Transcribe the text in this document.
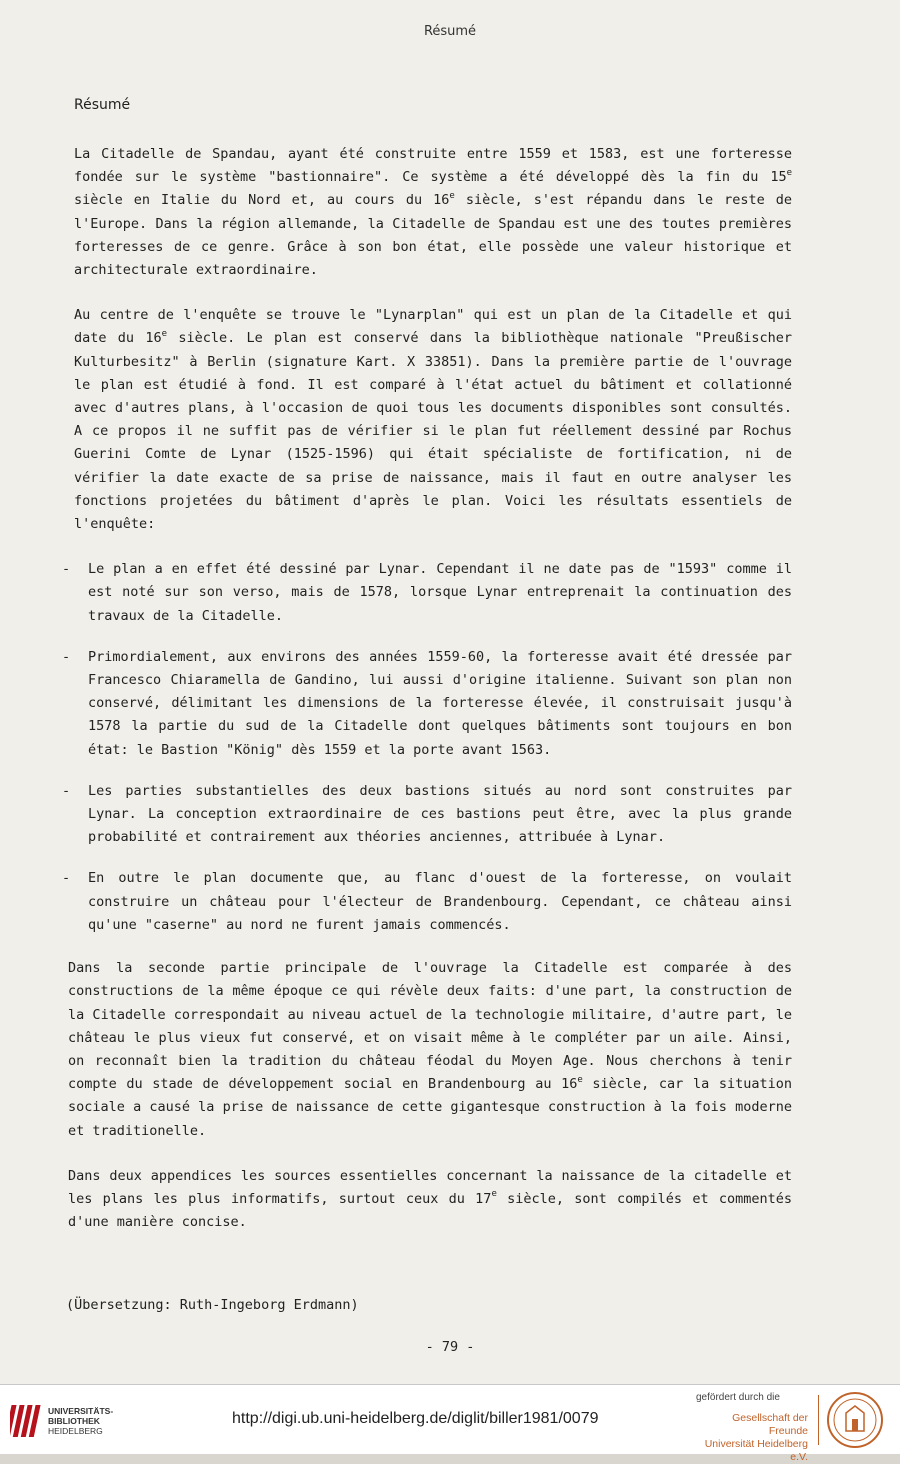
Résumé
Résumé

La Citadelle de Spandau, ayant été construite entre 1559 et 1583, est une forteresse fondée sur le système "bastionnaire". Ce système a été développé dès la fin du 15e siècle en Italie du Nord et, au cours du 16e siècle, s'est répandu dans le reste de l'Europe. Dans la région allemande, la Citadelle de Spandau est une des toutes premières forteresses de ce genre. Grâce à son bon état, elle possède une valeur historique et architecturale extraordinaire.

Au centre de l'enquête se trouve le "Lynarplan" qui est un plan de la Citadelle et qui date du 16e siècle. Le plan est conservé dans la bibliothèque nationale "Preußischer Kulturbesitz" à Berlin (signature Kart. X 33851). Dans la première partie de l'ouvrage le plan est étudié à fond. Il est comparé à l'état actuel du bâtiment et collationné avec d'autres plans, à l'occasion de quoi tous les documents disponibles sont consultés. A ce propos il ne suffit pas de vérifier si le plan fut réellement dessiné par Rochus Guerini Comte de Lynar (1525-1596) qui était spécialiste de fortification, ni de vérifier la date exacte de sa prise de naissance, mais il faut en outre analyser les fonctions projetées du bâtiment d'après le plan. Voici les résultats essentiels de l'enquête:

- Le plan a en effet été dessiné par Lynar. Cependant il ne date pas de "1593" comme il est noté sur son verso, mais de 1578, lorsque Lynar entreprenait la continuation des travaux de la Citadelle.
- Primordialement, aux environs des années 1559-60, la forteresse avait été dressée par Francesco Chiaramella de Gandino, lui aussi d'origine italienne. Suivant son plan non conservé, délimitant les dimensions de la forteresse élevée, il construisait jusqu'à 1578 la partie du sud de la Citadelle dont quelques bâtiments sont toujours en bon état: le Bastion "König" dès 1559 et la porte avant 1563.
- Les parties substantielles des deux bastions situés au nord sont construites par Lynar. La conception extraordinaire de ces bastions peut être, avec la plus grande probabilité et contrairement aux théories anciennes, attribuée à Lynar.
- En outre le plan documente que, au flanc d'ouest de la forteresse, on voulait construire un château pour l'électeur de Brandenbourg. Cependant, ce château ainsi qu'une "caserne" au nord ne furent jamais commencés.

Dans la seconde partie principale de l'ouvrage la Citadelle est comparée à des constructions de la même époque ce qui révèle deux faits: d'une part, la construction de la Citadelle correspondait au niveau actuel de la technologie militaire, d'autre part, le château le plus vieux fut conservé, et on visait même à le compléter par un aile. Ainsi, on reconnaît bien la tradition du château féodal du Moyen Age. Nous cherchons à tenir compte du stade de développement social en Brandenbourg au 16e siècle, car la situation sociale a causé la prise de naissance de cette gigantesque construction à la fois moderne et traditionelle.

Dans deux appendices les sources essentielles concernant la naissance de la citadelle et les plans les plus informatifs, surtout ceux du 17e siècle, sont compilés et commentés d'une manière concise.

(Übersetzung: Ruth-Ingeborg Erdmann)
- 79 -
UNIVERSITÄTS-
BIBLIOTHEK
HEIDELBERG
http://digi.ub.uni-heidelberg.de/diglit/biller1981/0079
gefördert durch die
Gesellschaft der Freunde
Universität Heidelberg e.V.
